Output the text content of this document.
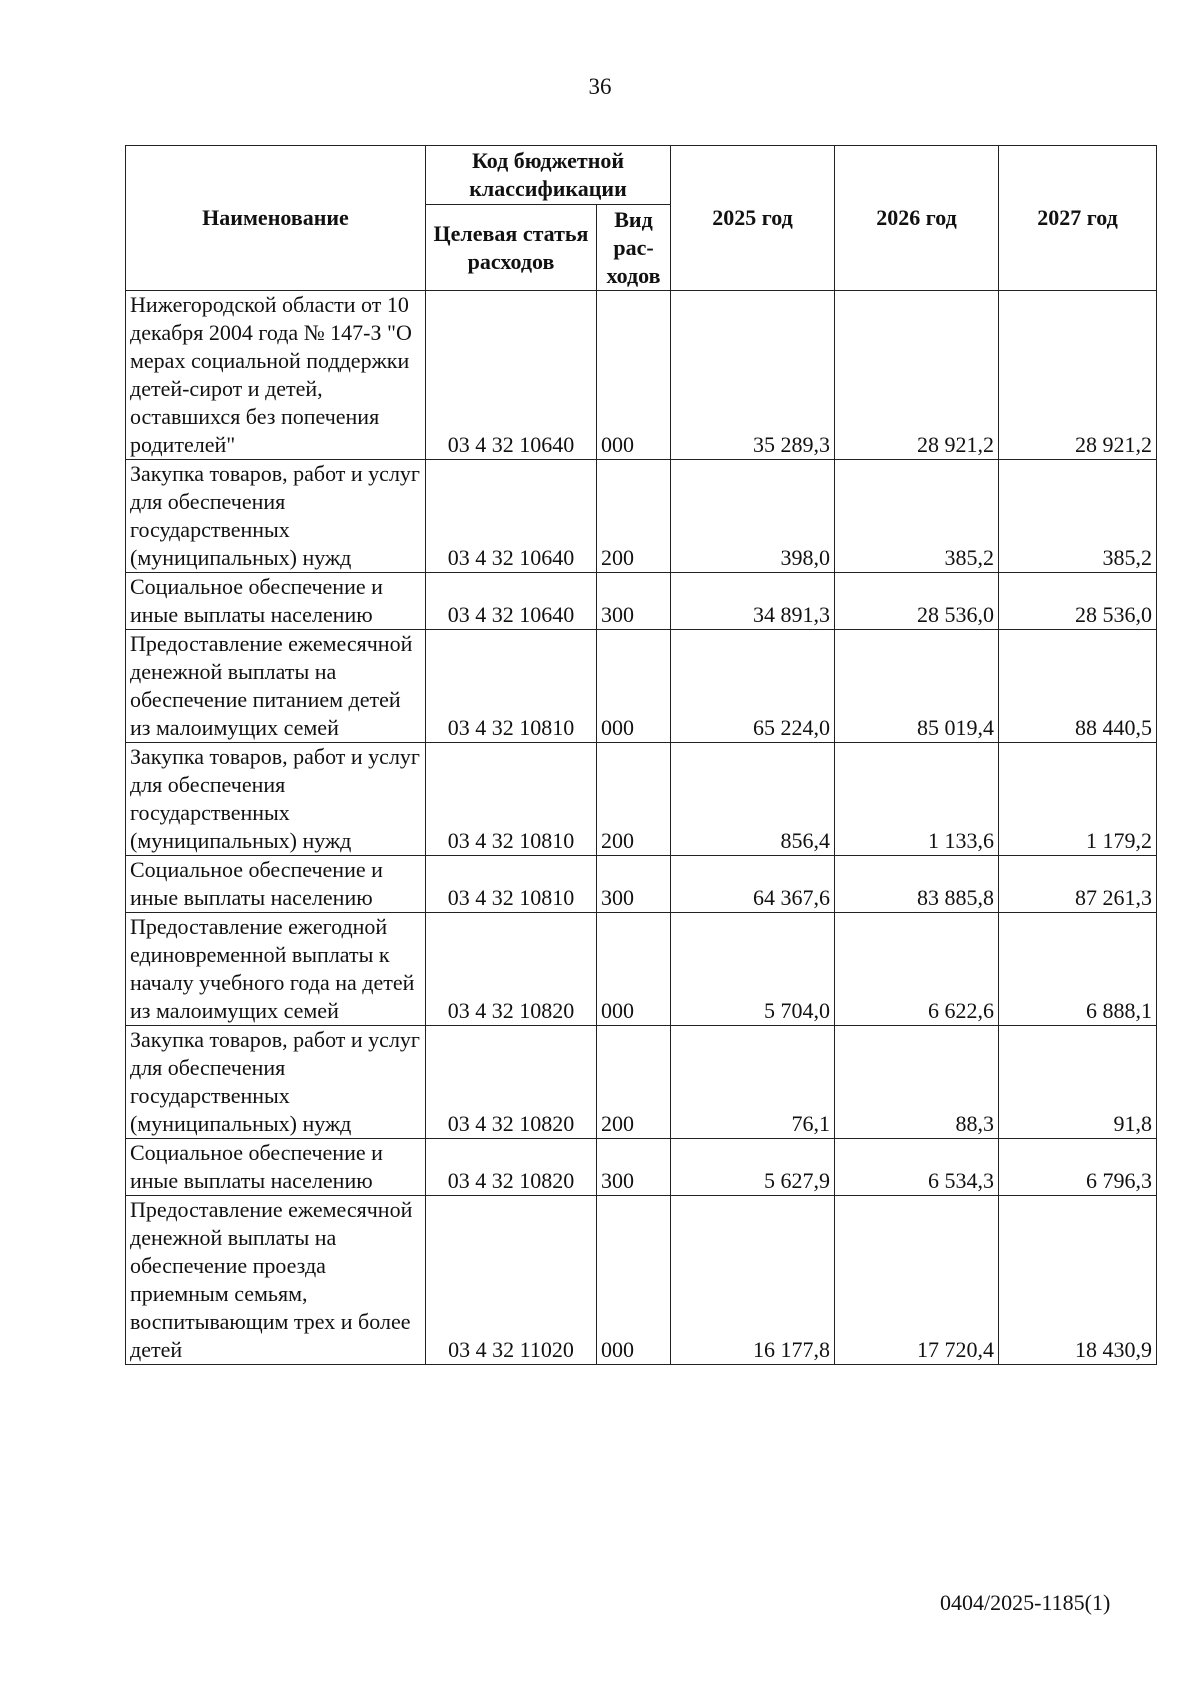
36
Наименование	Код бюджетной классификации		2025 год	2026 год	2027 год
	Целевая статья расходов	Вид рас-ходов			
Нижегородской области от 10 декабря 2004 года № 147-З "О мерах социальной поддержки детей-сирот и детей, оставшихся без попечения родителей"	03 4 32 10640	000	35 289,3	28 921,2	28 921,2
Закупка товаров, работ и услуг для обеспечения государственных (муниципальных) нужд	03 4 32 10640	200	398,0	385,2	385,2
Социальное обеспечение и иные выплаты населению	03 4 32 10640	300	34 891,3	28 536,0	28 536,0
Предоставление ежемесячной денежной выплаты на обеспечение питанием детей из малоимущих семей	03 4 32 10810	000	65 224,0	85 019,4	88 440,5
Закупка товаров, работ и услуг для обеспечения государственных (муниципальных) нужд	03 4 32 10810	200	856,4	1 133,6	1 179,2
Социальное обеспечение и иные выплаты населению	03 4 32 10810	300	64 367,6	83 885,8	87 261,3
Предоставление ежегодной единовременной выплаты к началу учебного года на детей из малоимущих семей	03 4 32 10820	000	5 704,0	6 622,6	6 888,1
Закупка товаров, работ и услуг для обеспечения государственных (муниципальных) нужд	03 4 32 10820	200	76,1	88,3	91,8
Социальное обеспечение и иные выплаты населению	03 4 32 10820	300	5 627,9	6 534,3	6 796,3
Предоставление ежемесячной денежной выплаты на обеспечение проезда приемным семьям, воспитывающим трех и более детей	03 4 32 11020	000	16 177,8	17 720,4	18 430,9
0404/2025-1185(1)
